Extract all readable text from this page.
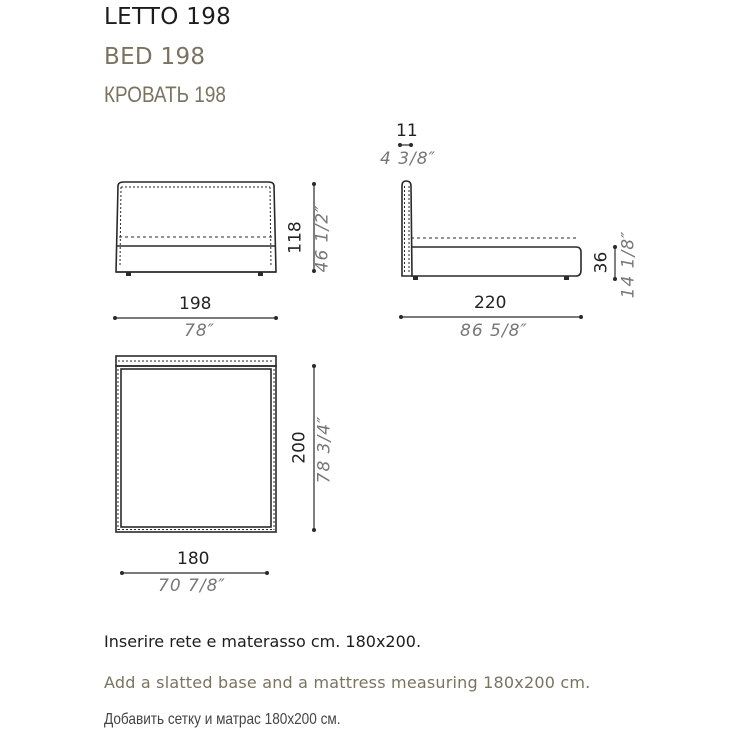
LETTO 198
BED 198
КРОВАТЬ 198
198
78″
118 46 1/2″
11
4 3/8″
220
86 5/8″
36 14 1/8″
200 78 3/4″
180
70 7/8″
Inserire rete e materasso cm. 180x200.
Add a slatted base and a mattress measuring 180x200 cm.
Добавить сетку и матрас 180x200 см.
